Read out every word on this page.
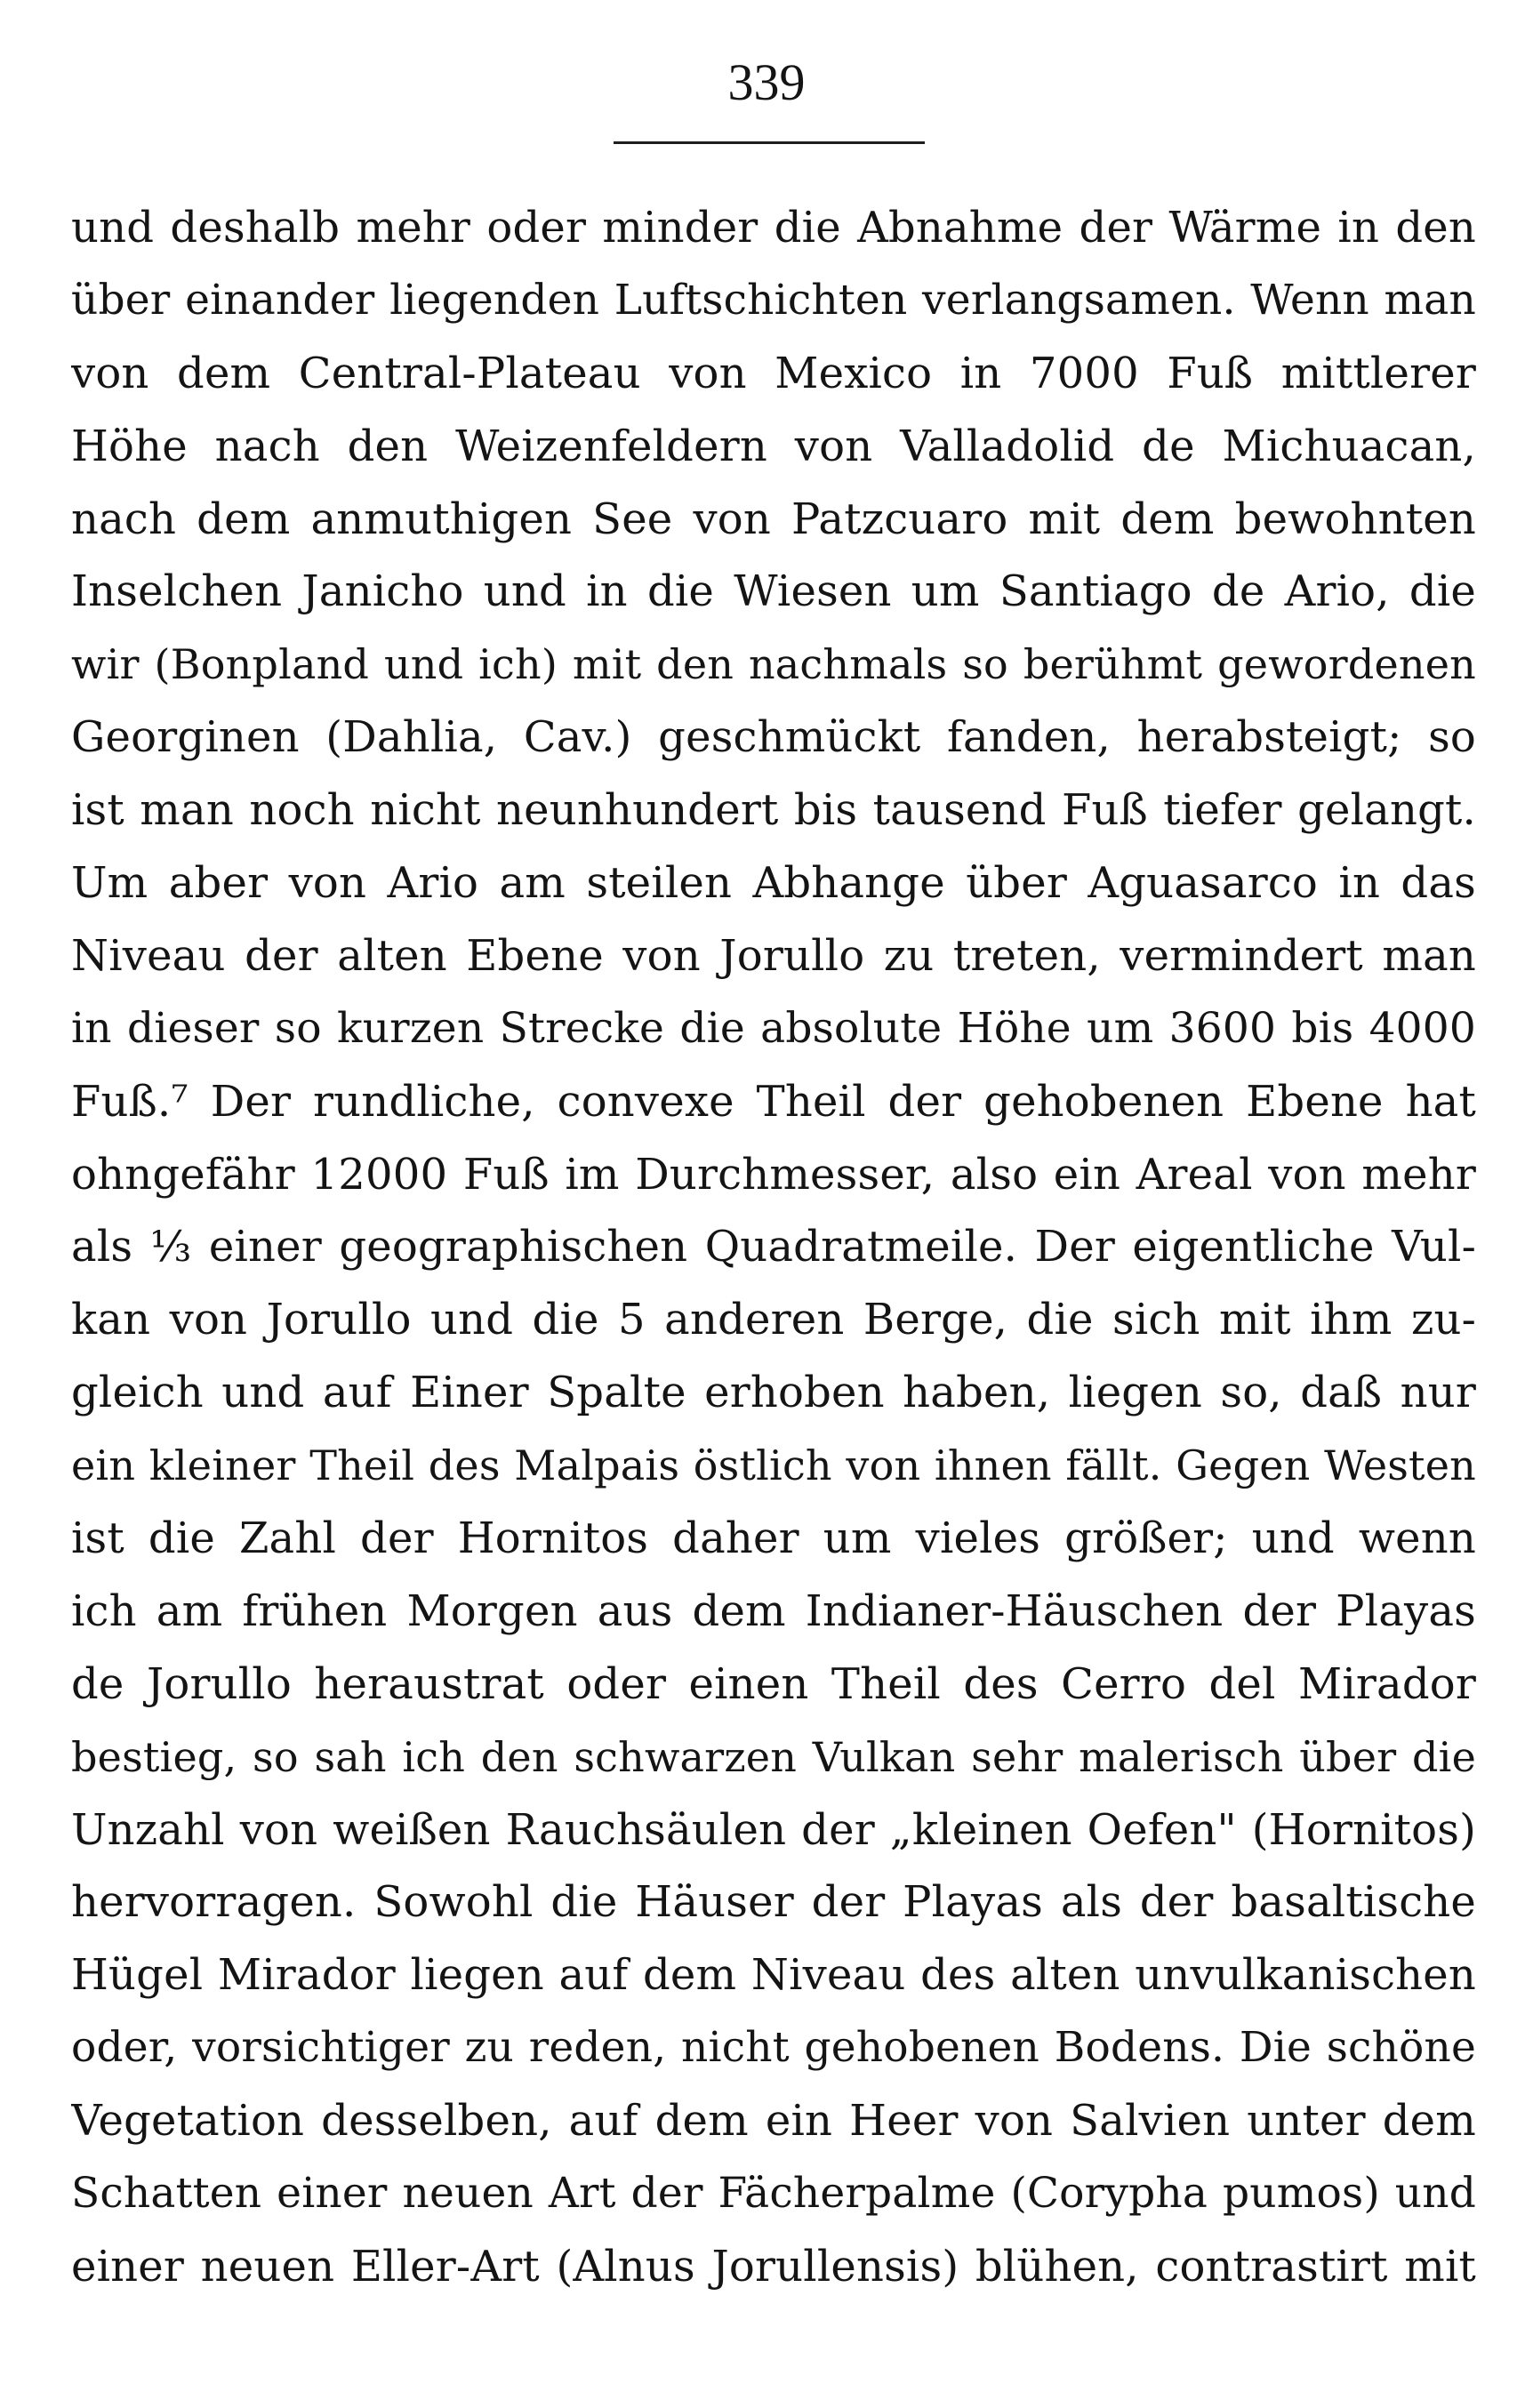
339
und deshalb mehr oder minder die Abnahme der Wärme in den
über einander liegenden Luftschichten verlangsamen. Wenn man
von dem Central-Plateau von Mexico in 7000 Fuß mittlerer
Höhe nach den Weizenfeldern von Valladolid de Michuacan,
nach dem anmuthigen See von Patzcuaro mit dem bewohnten
Inselchen Janicho und in die Wiesen um Santiago de Ario, die
wir (Bonpland und ich) mit den nachmals so berühmt gewordenen
Georginen (Dahlia, Cav.) geschmückt fanden, herabsteigt; so
ist man noch nicht neunhundert bis tausend Fuß tiefer gelangt.
Um aber von Ario am steilen Abhange über Aguasarco in das
Niveau der alten Ebene von Jorullo zu treten, vermindert man
in dieser so kurzen Strecke die absolute Höhe um 3600 bis 4000
Fuß.⁷ Der rundliche, convexe Theil der gehobenen Ebene hat
ohngefähr 12000 Fuß im Durchmesser, also ein Areal von mehr
als ⅓ einer geographischen Quadratmeile. Der eigentliche Vul-
kan von Jorullo und die 5 anderen Berge, die sich mit ihm zu-
gleich und auf Einer Spalte erhoben haben, liegen so, daß nur
ein kleiner Theil des Malpais östlich von ihnen fällt. Gegen Westen
ist die Zahl der Hornitos daher um vieles größer; und wenn
ich am frühen Morgen aus dem Indianer-Häuschen der Playas
de Jorullo heraustrat oder einen Theil des Cerro del Mirador
bestieg, so sah ich den schwarzen Vulkan sehr malerisch über die
Unzahl von weißen Rauchsäulen der „kleinen Oefen" (Hornitos)
hervorragen. Sowohl die Häuser der Playas als der basaltische
Hügel Mirador liegen auf dem Niveau des alten unvulkanischen
oder, vorsichtiger zu reden, nicht gehobenen Bodens. Die schöne
Vegetation desselben, auf dem ein Heer von Salvien unter dem
Schatten einer neuen Art der Fächerpalme (Corypha pumos) und
einer neuen Eller-Art (Alnus Jorullensis) blühen, contrastirt mit
